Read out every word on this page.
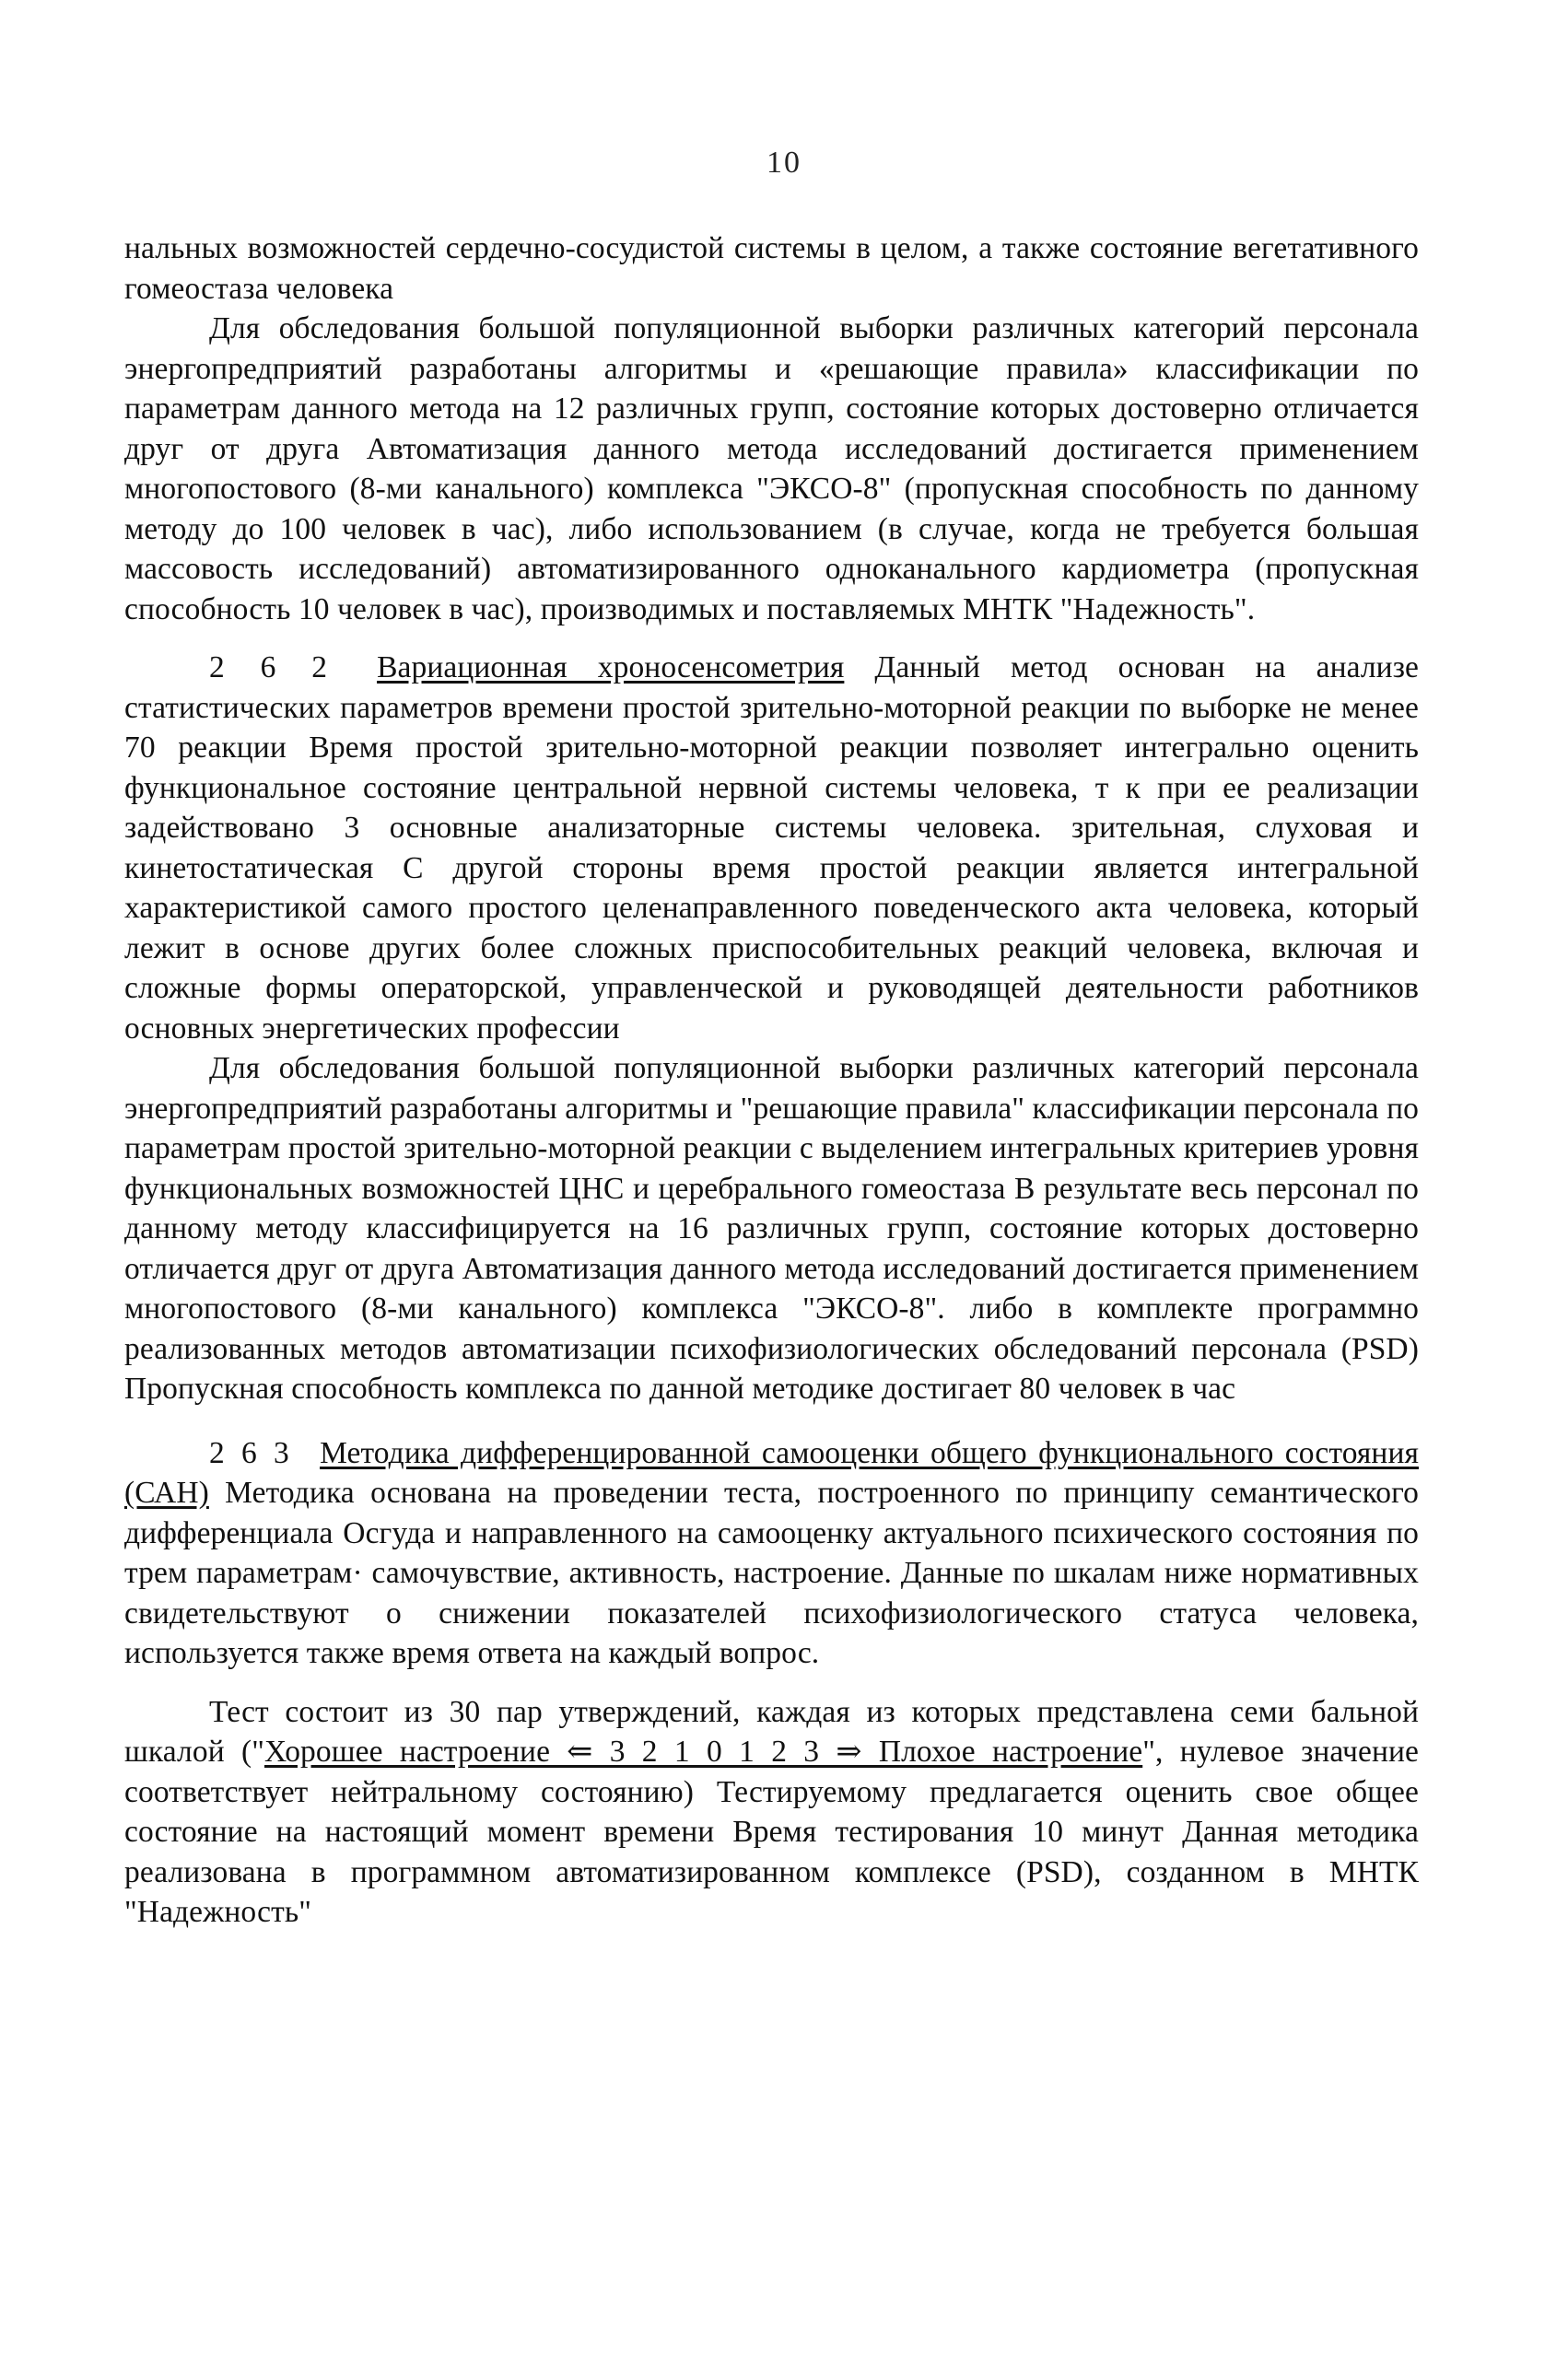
10

нальных возможностей сердечно-сосудистой системы в целом, а также состояние вегетативного гомеостаза человека

Для обследования большой популяционной выборки различных категорий персонала энергопредприятий разработаны алгоритмы и «решающие правила» классификации по параметрам данного метода на 12 различных групп, состояние которых достоверно отличается друг от друга Автоматизация данного метода исследований достигается применением многопостового (8-ми канального) комплекса "ЭКСО-8" (пропускная способность по данному методу до 100 человек в час), либо использованием (в случае, когда не требуется большая массовость исследований) автоматизированного одноканального кардиометра (пропускная способность 10 человек в час), производимых и поставляемых МНТК "Надежность".

2 6 2 Вариационная хроносенсометрия Данный метод основан на анализе статистических параметров времени простой зрительно-моторной реакции по выборке не менее 70 реакции Время простой зрительно-моторной реакции позволяет интегрально оценить функциональное состояние центральной нервной системы человека, т к при ее реализации задействовано 3 основные анализаторные системы человека. зрительная, слуховая и кинетостатическая С другой стороны время простой реакции является интегральной характеристикой самого простого целенаправленного поведенческого акта человека, который лежит в основе других более сложных приспособительных реакций человека, включая и сложные формы операторской, управленческой и руководящей деятельности работников основных энергетических профессии

Для обследования большой популяционной выборки различных категорий персонала энергопредприятий разработаны алгоритмы и "решающие правила" классификации персонала по параметрам простой зрительно-моторной реакции с выделением интегральных критериев уровня функциональных возможностей ЦНС и церебрального гомеостаза В результате весь персонал по данному методу классифицируется на 16 различных групп, состояние которых достоверно отличается друг от друга Автоматизация данного метода исследований достигается применением многопостового (8-ми канального) комплекса "ЭКСО-8". либо в комплекте программно реализованных методов автоматизации психофизиологических обследований персонала (PSD) Пропускная способность комплекса по данной методике достигает 80 человек в час

2 6 3 Методика дифференцированной самооценки общего функционального состояния (САН) Методика основана на проведении теста, построенного по принципу семантического дифференциала Осгуда и направленного на самооценку актуального психического состояния по трем параметрам· самочувствие, активность, настроение. Данные по шкалам ниже нормативных свидетельствуют о снижении показателей психофизиологического статуса человека, используется также время ответа на каждый вопрос.

Тест состоит из 30 пар утверждений, каждая из которых представлена семи бальной шкалой ("Хорошее настроение ⇐ 3 2 1 0 1 2 3 ⇒ Плохое настроение", нулевое значение соответствует нейтральному состоянию) Тестируемому предлагается оценить свое общее состояние на настоящий момент времени Время тестирования 10 минут Данная методика реализована в программном автоматизированном комплексе (PSD), созданном в МНТК "Надежность"
